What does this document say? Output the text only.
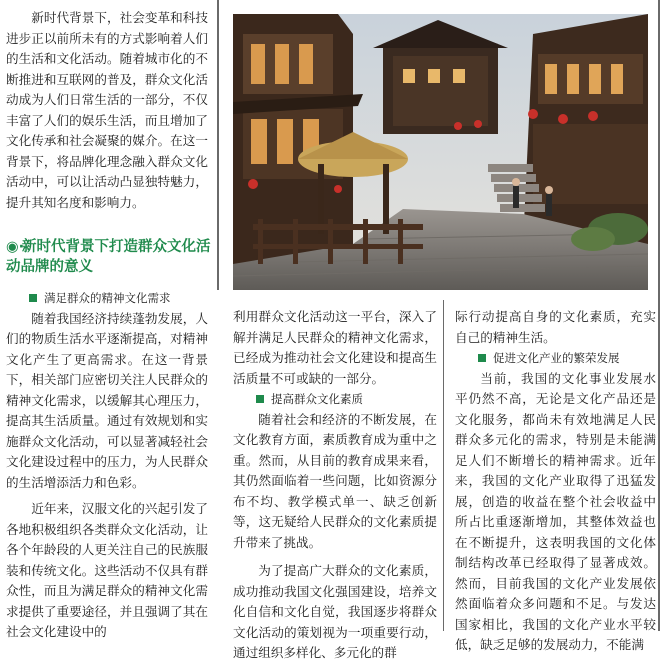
新时代背景下，社会变革和科技进步正以前所未有的方式影响着人们的生活和文化活动。随着城市化的不断推进和互联网的普及，群众文化活动成为人们日常生活的一部分，不仅丰富了人们的娱乐生活，而且增加了文化传承和社会凝聚的媒介。在这一背景下，将品牌化理念融入群众文化活动中，可以让活动凸显独特魅力，提升其知名度和影响力。

◉·新时代背景下打造群众文化活动品牌的意义

满足群众的精神文化需求

随着我国经济持续蓬勃发展，人们的物质生活水平逐渐提高，对精神文化产生了更高需求。在这一背景下，相关部门应密切关注人民群众的精神文化需求，以缓解其心理压力，提高其生活质量。通过有效规划和实施群众文化活动，可以显著减轻社会文化建设过程中的压力，为人民群众的生活增添活力和色彩。

近年来，汉服文化的兴起引发了各地积极组织各类群众文化活动，让各个年龄段的人更关注自己的民族服装和传统文化。这些活动不仅具有群众性，而且为满足群众的精神文化需求提供了重要途径，并且强调了其在社会文化建设中的

利用群众文化活动这一平台，深入了解并满足人民群众的精神文化需求，已经成为推动社会文化建设和提高生活质量不可或缺的一部分。

提高群众文化素质

随着社会和经济的不断发展，在文化教育方面，素质教育成为重中之重。然而，从目前的教育成果来看，其仍然面临着一些问题，比如资源分布不均、教学模式单一、缺乏创新等，这无疑给人民群众的文化素质提升带来了挑战。

为了提高广大群众的文化素质，成功推动我国文化强国建设，培养文化自信和文化自觉，我国逐步将群众文化活动的策划视为一项重要行动，通过组织多样化、多元化的群

际行动提高自身的文化素质，充实自己的精神生活。

促进文化产业的繁荣发展

当前，我国的文化事业发展水平仍然不高，无论是文化产品还是文化服务，都尚未有效地满足人民群众多元化的需求，特别是未能满足人们不断增长的精神需求。近年来，我国的文化产业取得了迅猛发展，创造的收益在整个社会收益中所占比重逐渐增加，其整体效益也在不断提升，这表明我国的文化体制结构改革已经取得了显著成效。然而，目前我国的文化产业发展依然面临着众多问题和不足。与发达国家相比，我国的文化产业水平较低，缺乏足够的发展动力，不能满
